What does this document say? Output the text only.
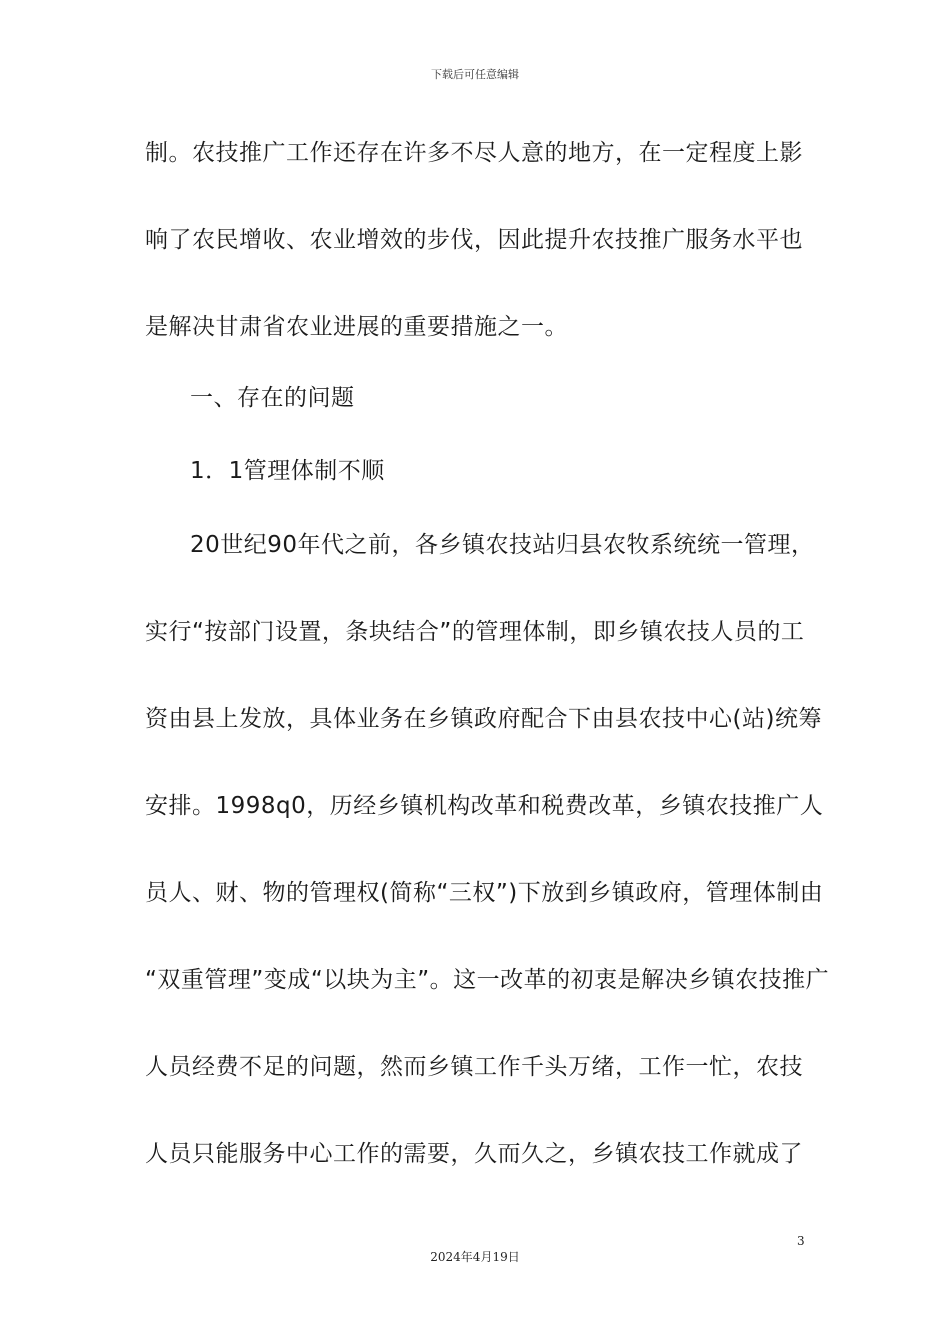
下载后可任意编辑
制。农技推广工作还存在许多不尽人意的地方，在一定程度上影
响了农民增收、农业增效的步伐，因此提升农技推广服务水平也
是解决甘肃省农业进展的重要措施之一。
一、存在的问题
1．1管理体制不顺
20世纪90年代之前，各乡镇农技站归县农牧系统统一管理，
实行“按部门设置，条块结合”的管理体制，即乡镇农技人员的工
资由县上发放，具体业务在乡镇政府配合下由县农技中心(站)统筹
安排。1998q0，历经乡镇机构改革和税费改革，乡镇农技推广人
员人、财、物的管理权(简称“三权”)下放到乡镇政府，管理体制由
“双重管理”变成“以块为主”。这一改革的初衷是解决乡镇农技推广
人员经费不足的问题，然而乡镇工作千头万绪，工作一忙，农技
人员只能服务中心工作的需要，久而久之，乡镇农技工作就成了
3
2024年4月19日
